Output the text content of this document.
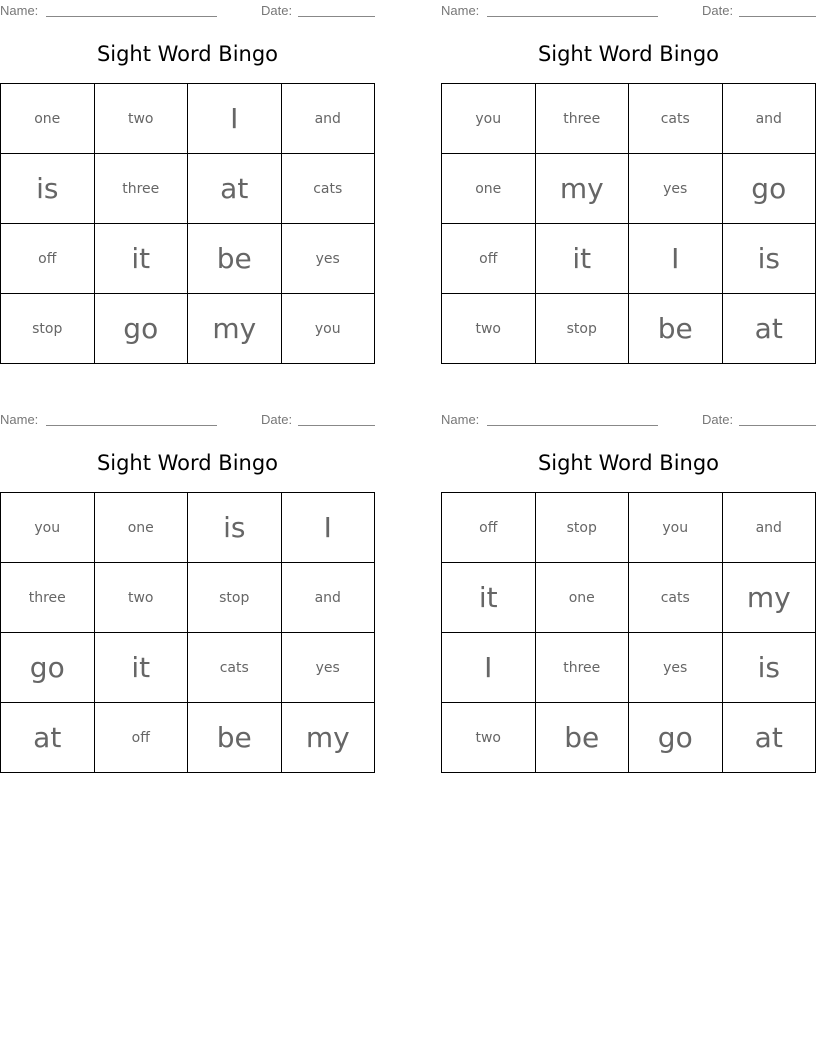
Name:	Date:
Sight Word Bingo
one	two	I	and
is	three	at	cats
off	it	be	yes
stop	go	my	you
Name:	Date:
Sight Word Bingo
you	three	cats	and
one	my	yes	go
off	it	I	is
two	stop	be	at
Name:	Date:
Sight Word Bingo
you	one	is	I
three	two	stop	and
go	it	cats	yes
at	off	be	my
Name:	Date:
Sight Word Bingo
off	stop	you	and
it	one	cats	my
I	three	yes	is
two	be	go	at
